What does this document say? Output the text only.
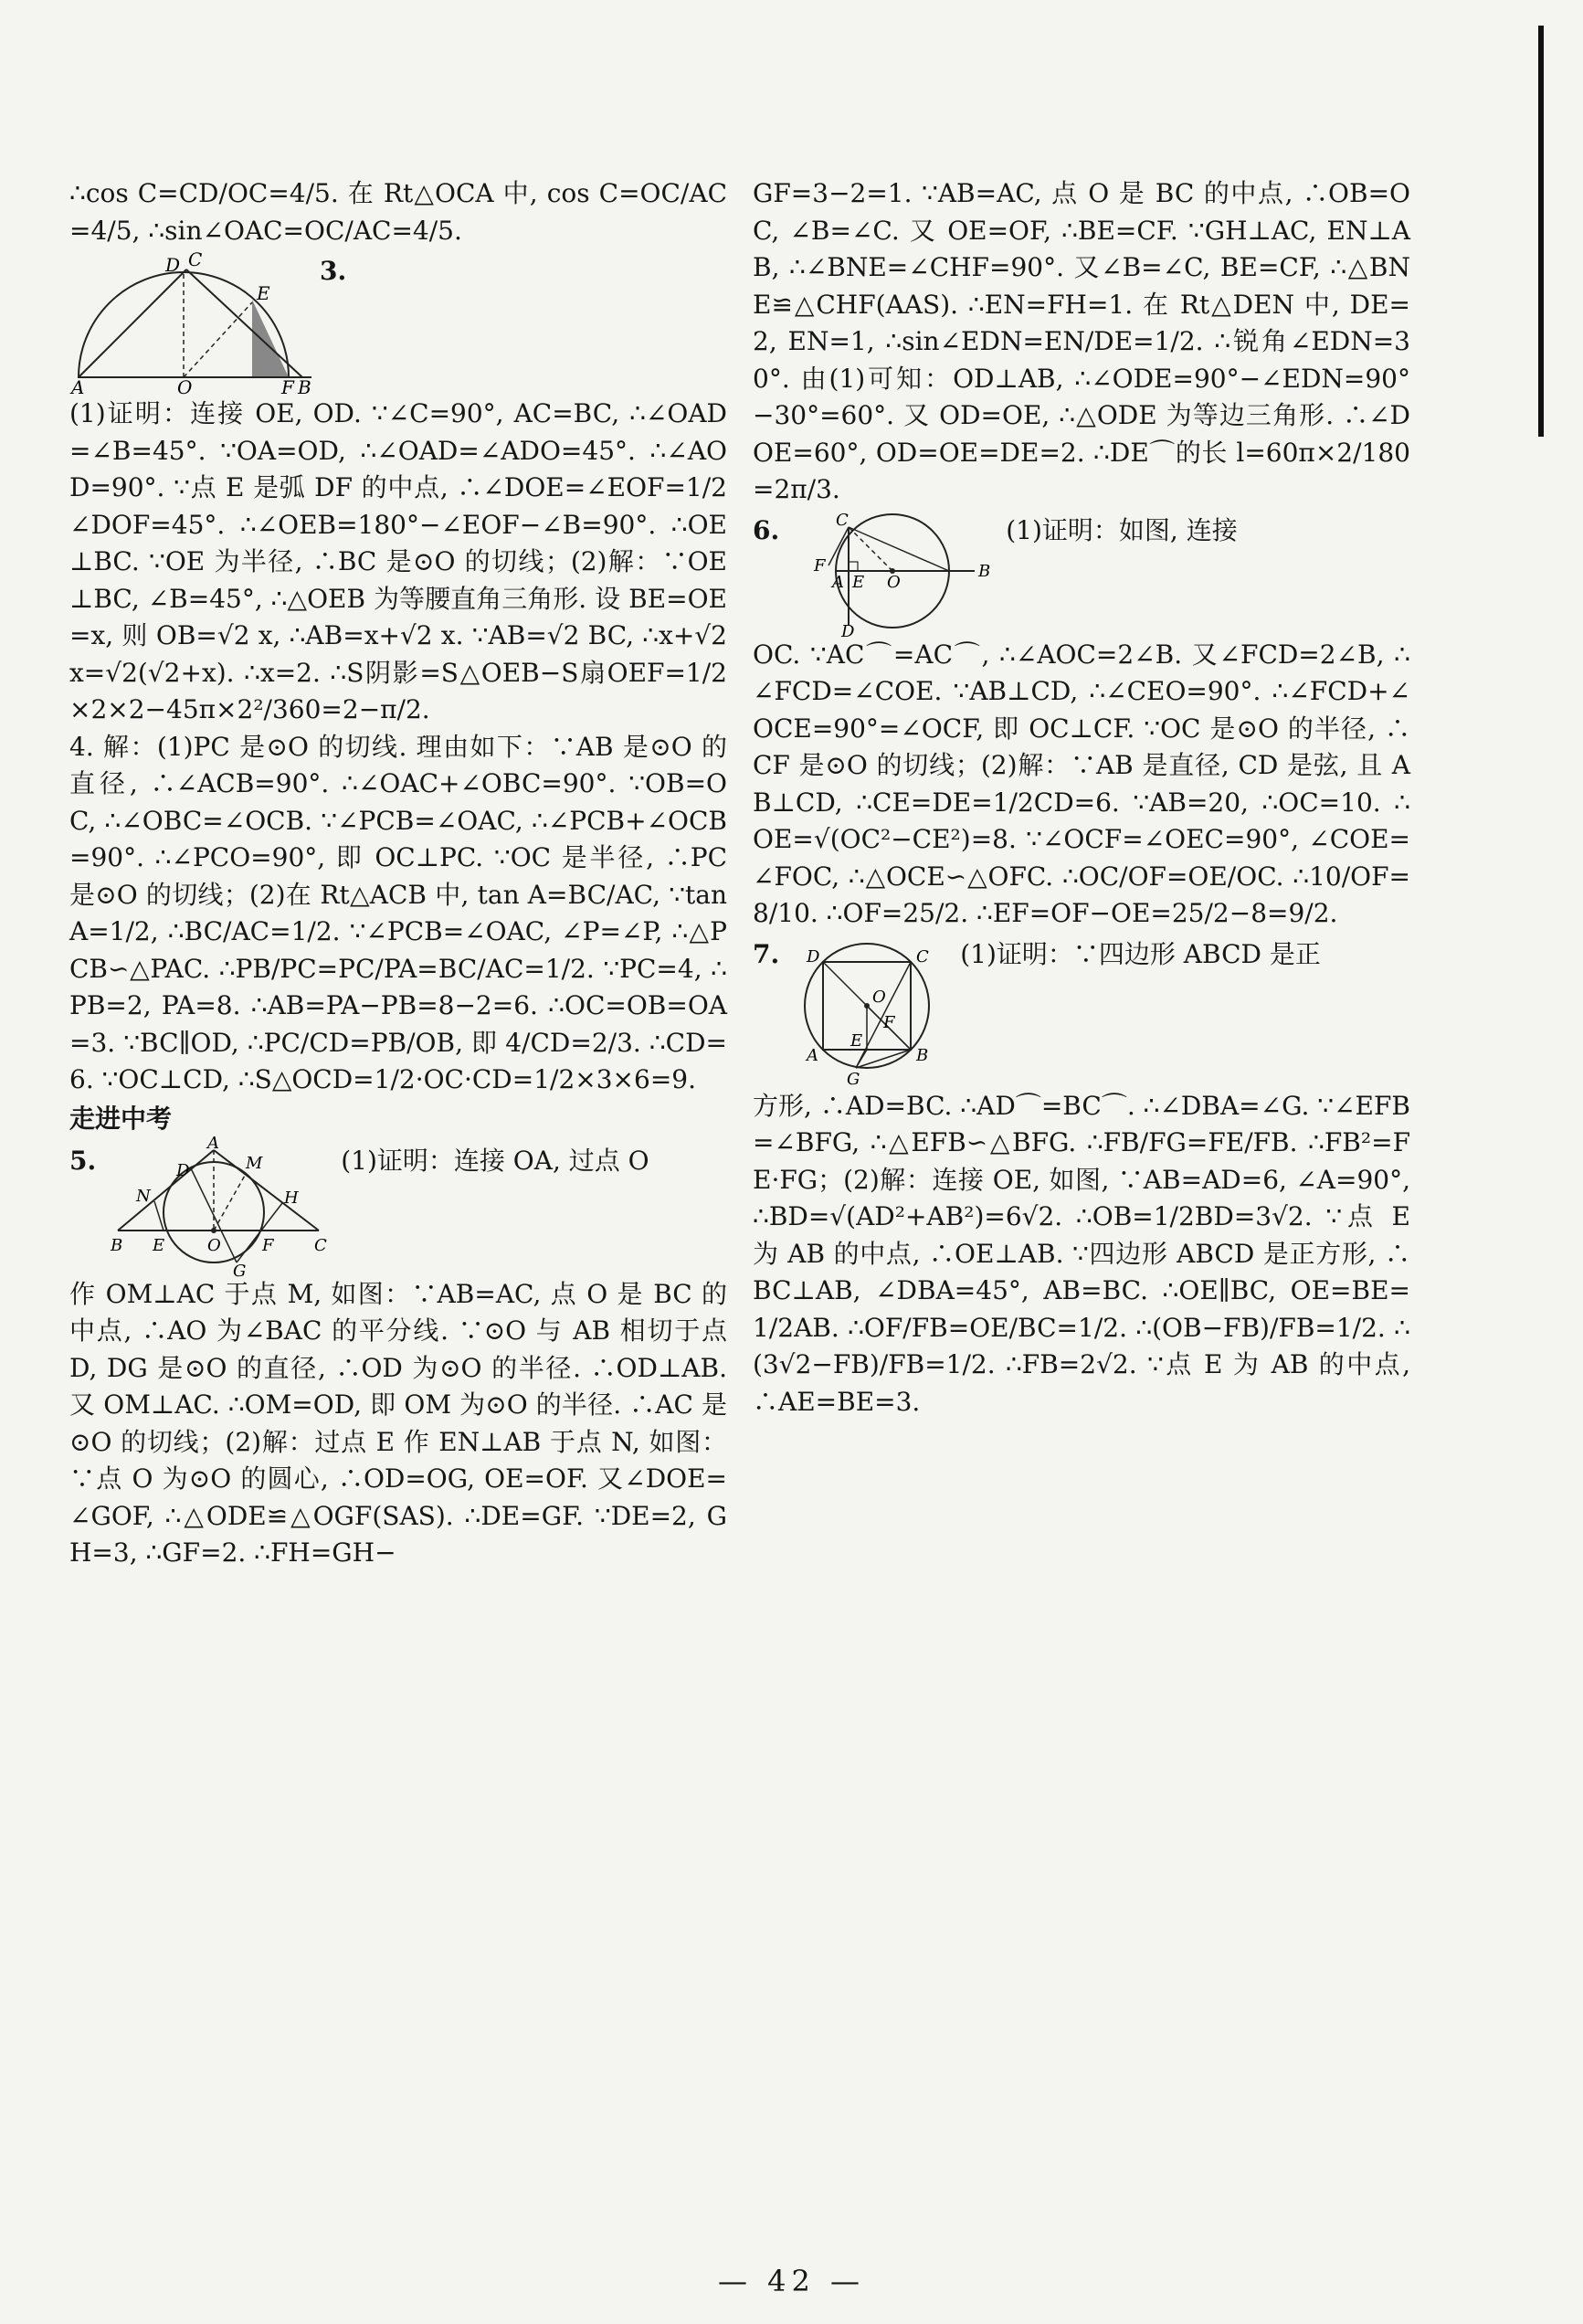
∴cos C=CD/OC=4/5. 在 Rt△OCA 中, cos C=OC/AC=4/5, ∴sin∠OAC=OC/AC=4/5.

D C
E
A	O	F B
3.

(1)证明：连接 OE, OD. ∵∠C=90°, AC=BC, ∴∠OAD=∠B=45°. ∵OA=OD, ∴∠OAD=∠ADO=45°. ∴∠AOD=90°. ∵点 E 是弧 DF 的中点, ∴∠DOE=∠EOF=1/2∠DOF=45°. ∴∠OEB=180°−∠EOF−∠B=90°. ∴OE⊥BC. ∵OE 为半径, ∴BC 是⊙O 的切线；(2)解：∵OE⊥BC, ∠B=45°, ∴△OEB 为等腰直角三角形. 设 BE=OE=x, 则 OB=√2 x, ∴AB=x+√2 x. ∵AB=√2 BC, ∴x+√2 x=√2(√2+x). ∴x=2. ∴S阴影=S△OEB−S扇OEF=1/2×2×2−45π×2²/360=2−π/2.

4. 解：(1)PC 是⊙O 的切线. 理由如下：∵AB 是⊙O 的直径, ∴∠ACB=90°. ∴∠OAC+∠OBC=90°. ∵OB=OC, ∴∠OBC=∠OCB. ∵∠PCB=∠OAC, ∴∠PCB+∠OCB=90°. ∴∠PCO=90°, 即 OC⊥PC. ∵OC 是半径, ∴PC 是⊙O 的切线；(2)在 Rt△ACB 中, tan A=BC/AC, ∵tan A=1/2, ∴BC/AC=1/2. ∵∠PCB=∠OAC, ∠P=∠P, ∴△PCB∽△PAC. ∴PB/PC=PC/PA=BC/AC=1/2. ∵PC=4, ∴PB=2, PA=8. ∴AB=PA−PB=8−2=6. ∴OC=OB=OA=3. ∵BC∥OD, ∴PC/CD=PB/OB, 即 4/CD=2/3. ∴CD=6. ∵OC⊥CD, ∴S△OCD=1/2·OC·CD=1/2×3×6=9.

走进中考
5.
A
M
N
D
H
B E	O	F C
G
(1)证明：连接 OA, 过点 O

作 OM⊥AC 于点 M, 如图：∵AB=AC, 点 O 是 BC 的中点, ∴AO 为∠BAC 的平分线. ∵⊙O 与 AB 相切于点 D, DG 是⊙O 的直径, ∴OD 为⊙O 的半径. ∴OD⊥AB. 又 OM⊥AC. ∴OM=OD, 即 OM 为⊙O 的半径. ∴AC 是⊙O 的切线；(2)解：过点 E 作 EN⊥AB 于点 N, 如图：∵点 O 为⊙O 的圆心, ∴OD=OG, OE=OF. 又∠DOE=∠GOF, ∴△ODE≌△OGF(SAS). ∴DE=GF. ∵DE=2, GH=3, ∴GF=2. ∴FH=GH−

GF=3−2=1. ∵AB=AC, 点 O 是 BC 的中点, ∴OB=OC, ∠B=∠C. 又 OE=OF, ∴BE=CF. ∵GH⊥AC, EN⊥AB, ∴∠BNE=∠CHF=90°. 又∠B=∠C, BE=CF, ∴△BNE≌△CHF(AAS). ∴EN=FH=1. 在 Rt△DEN 中, DE=2, EN=1, ∴sin∠EDN=EN/DE=1/2. ∴锐角∠EDN=30°. 由(1)可知：OD⊥AB, ∴∠ODE=90°−∠EDN=90°−30°=60°. 又 OD=OE, ∴△ODE 为等边三角形. ∴∠DOE=60°, OD=OE=DE=2. ∴DE⌒的长 l=60π×2/180=2π/3.

6.	C
F
A E O
B
D
(1)证明：如图, 连接

OC. ∵AC⌒=AC⌒, ∴∠AOC=2∠B. 又∠FCD=2∠B, ∴∠FCD=∠COE. ∵AB⊥CD, ∴∠CEO=90°. ∴∠FCD+∠OCE=90°=∠OCF, 即 OC⊥CF. ∵OC 是⊙O 的半径, ∴CF 是⊙O 的切线；(2)解：∵AB 是直径, CD 是弦, 且 AB⊥CD, ∴CE=DE=1/2CD=6. ∵AB=20, ∴OC=10. ∴OE=√(OC²−CE²)=8. ∵∠OCF=∠OEC=90°, ∠COE=∠FOC, ∴△OCE∽△OFC. ∴OC/OF=OE/OC. ∴10/OF=8/10. ∴OF=25/2. ∴EF=OF−OE=25/2−8=9/2.

7. D	C
O
F
E
A	B
G
(1)证明：∵四边形 ABCD 是正

方形, ∴AD=BC. ∴AD⌒=BC⌒. ∴∠DBA=∠G. ∵∠EFB=∠BFG, ∴△EFB∽△BFG. ∴FB/FG=FE/FB. ∴FB²=FE·FG；(2)解：连接 OE, 如图, ∵AB=AD=6, ∠A=90°, ∴BD=√(AD²+AB²)=6√2. ∴OB=1/2BD=3√2. ∵点 E 为 AB 的中点, ∴OE⊥AB. ∵四边形 ABCD 是正方形, ∴BC⊥AB, ∠DBA=45°, AB=BC. ∴OE∥BC, OE=BE=1/2AB. ∴OF/FB=OE/BC=1/2. ∴(OB−FB)/FB=1/2. ∴(3√2−FB)/FB=1/2. ∴FB=2√2. ∵点 E 为 AB 的中点, ∴AE=BE=3.

— 42 —
